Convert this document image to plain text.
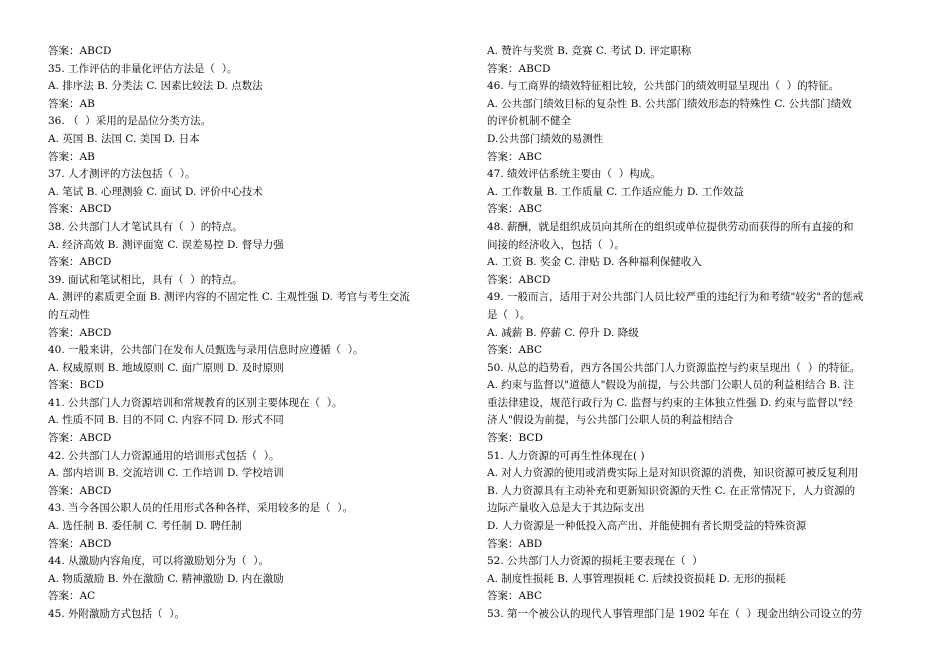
答案：ABCD
35. 工作评估的非量化评估方法是（  ）。
A. 排序法 B. 分类法 C. 因素比较法 D. 点数法
答案：AB
36. （  ）采用的是品位分类方法。
A. 英国 B. 法国 C. 美国 D. 日本
答案：AB
37. 人才测评的方法包括（  ）。
A. 笔试 B. 心理测验 C. 面试 D. 评价中心技术
答案：ABCD
38. 公共部门人才笔试具有（  ）的特点。
A. 经济高效 B. 测评面宽 C. 误差易控 D. 督导力强
答案：ABCD
39. 面试和笔试相比，具有（  ）的特点。
A. 测评的素质更全面 B. 测评内容的不固定性 C. 主观性强 D. 考官与考生交流
的互动性
答案：ABCD
40. 一般来讲，公共部门在发布人员甄选与录用信息时应遵循（  ）。
A. 权威原则 B. 地域原则 C. 面广原则 D. 及时原则
答案：BCD
41. 公共部门人力资源培训和常规教育的区别主要体现在（  ）。
A. 性质不同 B. 目的不同 C. 内容不同 D. 形式不同
答案：ABCD
42. 公共部门人力资源通用的培训形式包括（  ）。
A. 部内培训 B. 交流培训 C. 工作培训 D. 学校培训
答案：ABCD
43. 当今各国公职人员的任用形式各种各样，采用较多的是（  ）。
A. 选任制 B. 委任制 C. 考任制 D. 聘任制
答案：ABCD
44. 从激励内容角度，可以将激励划分为（  ）。
A. 物质激励 B. 外在激励 C. 精神激励 D. 内在激励
答案：AC
45. 外附激励方式包括（  ）。
A. 赞许与奖赏 B. 竞赛 C. 考试 D. 评定职称
答案：ABCD
46. 与工商界的绩效特征相比较，公共部门的绩效明显呈现出（  ）的特征。
A. 公共部门绩效目标的复杂性 B. 公共部门绩效形态的特殊性 C. 公共部门绩效
的评价机制不健全
D.公共部门绩效的易测性
答案：ABC
47. 绩效评估系统主要由（  ）构成。
A. 工作数量 B. 工作质量 C. 工作适应能力 D. 工作效益
答案：ABC
48. 薪酬，就是组织成员向其所在的组织或单位提供劳动而获得的所有直接的和
间接的经济收入，包括（  ）。
A. 工资 B. 奖金 C. 津贴 D. 各种福利保健收入
答案：ABCD
49. 一般而言，适用于对公共部门人员比较严重的违纪行为和考绩"较劣"者的惩戒
是（  ）。
A. 减薪 B. 停薪 C. 停升 D. 降级
答案：ABC
50. 从总的趋势看，西方各国公共部门人力资源监控与约束呈现出（  ）的特征。
A. 约束与监督以"道德人"假设为前提，与公共部门公职人员的利益相结合 B. 注
重法律建设，规范行政行为 C. 监督与约束的主体独立性强 D. 约束与监督以"经
济人"假设为前提，与公共部门公职人员的利益相结合
答案：BCD
51. 人力资源的可再生性体现在( )
A. 对人力资源的使用或消费实际上是对知识资源的消费，知识资源可被反复利用
B. 人力资源具有主动补充和更新知识资源的天性 C. 在正常情况下，人力资源的
边际产量收入总是大于其边际支出
D. 人力资源是一种低投入高产出、并能使拥有者长期受益的特殊资源
答案：ABD
52. 公共部门人力资源的损耗主要表现在（  ）
A. 制度性损耗 B. 人事管理损耗 C. 后续投资损耗 D. 无形的损耗
答案：ABC
53. 第一个被公认的现代人事管理部门是 1902 年在（  ）现金出纳公司设立的劳
